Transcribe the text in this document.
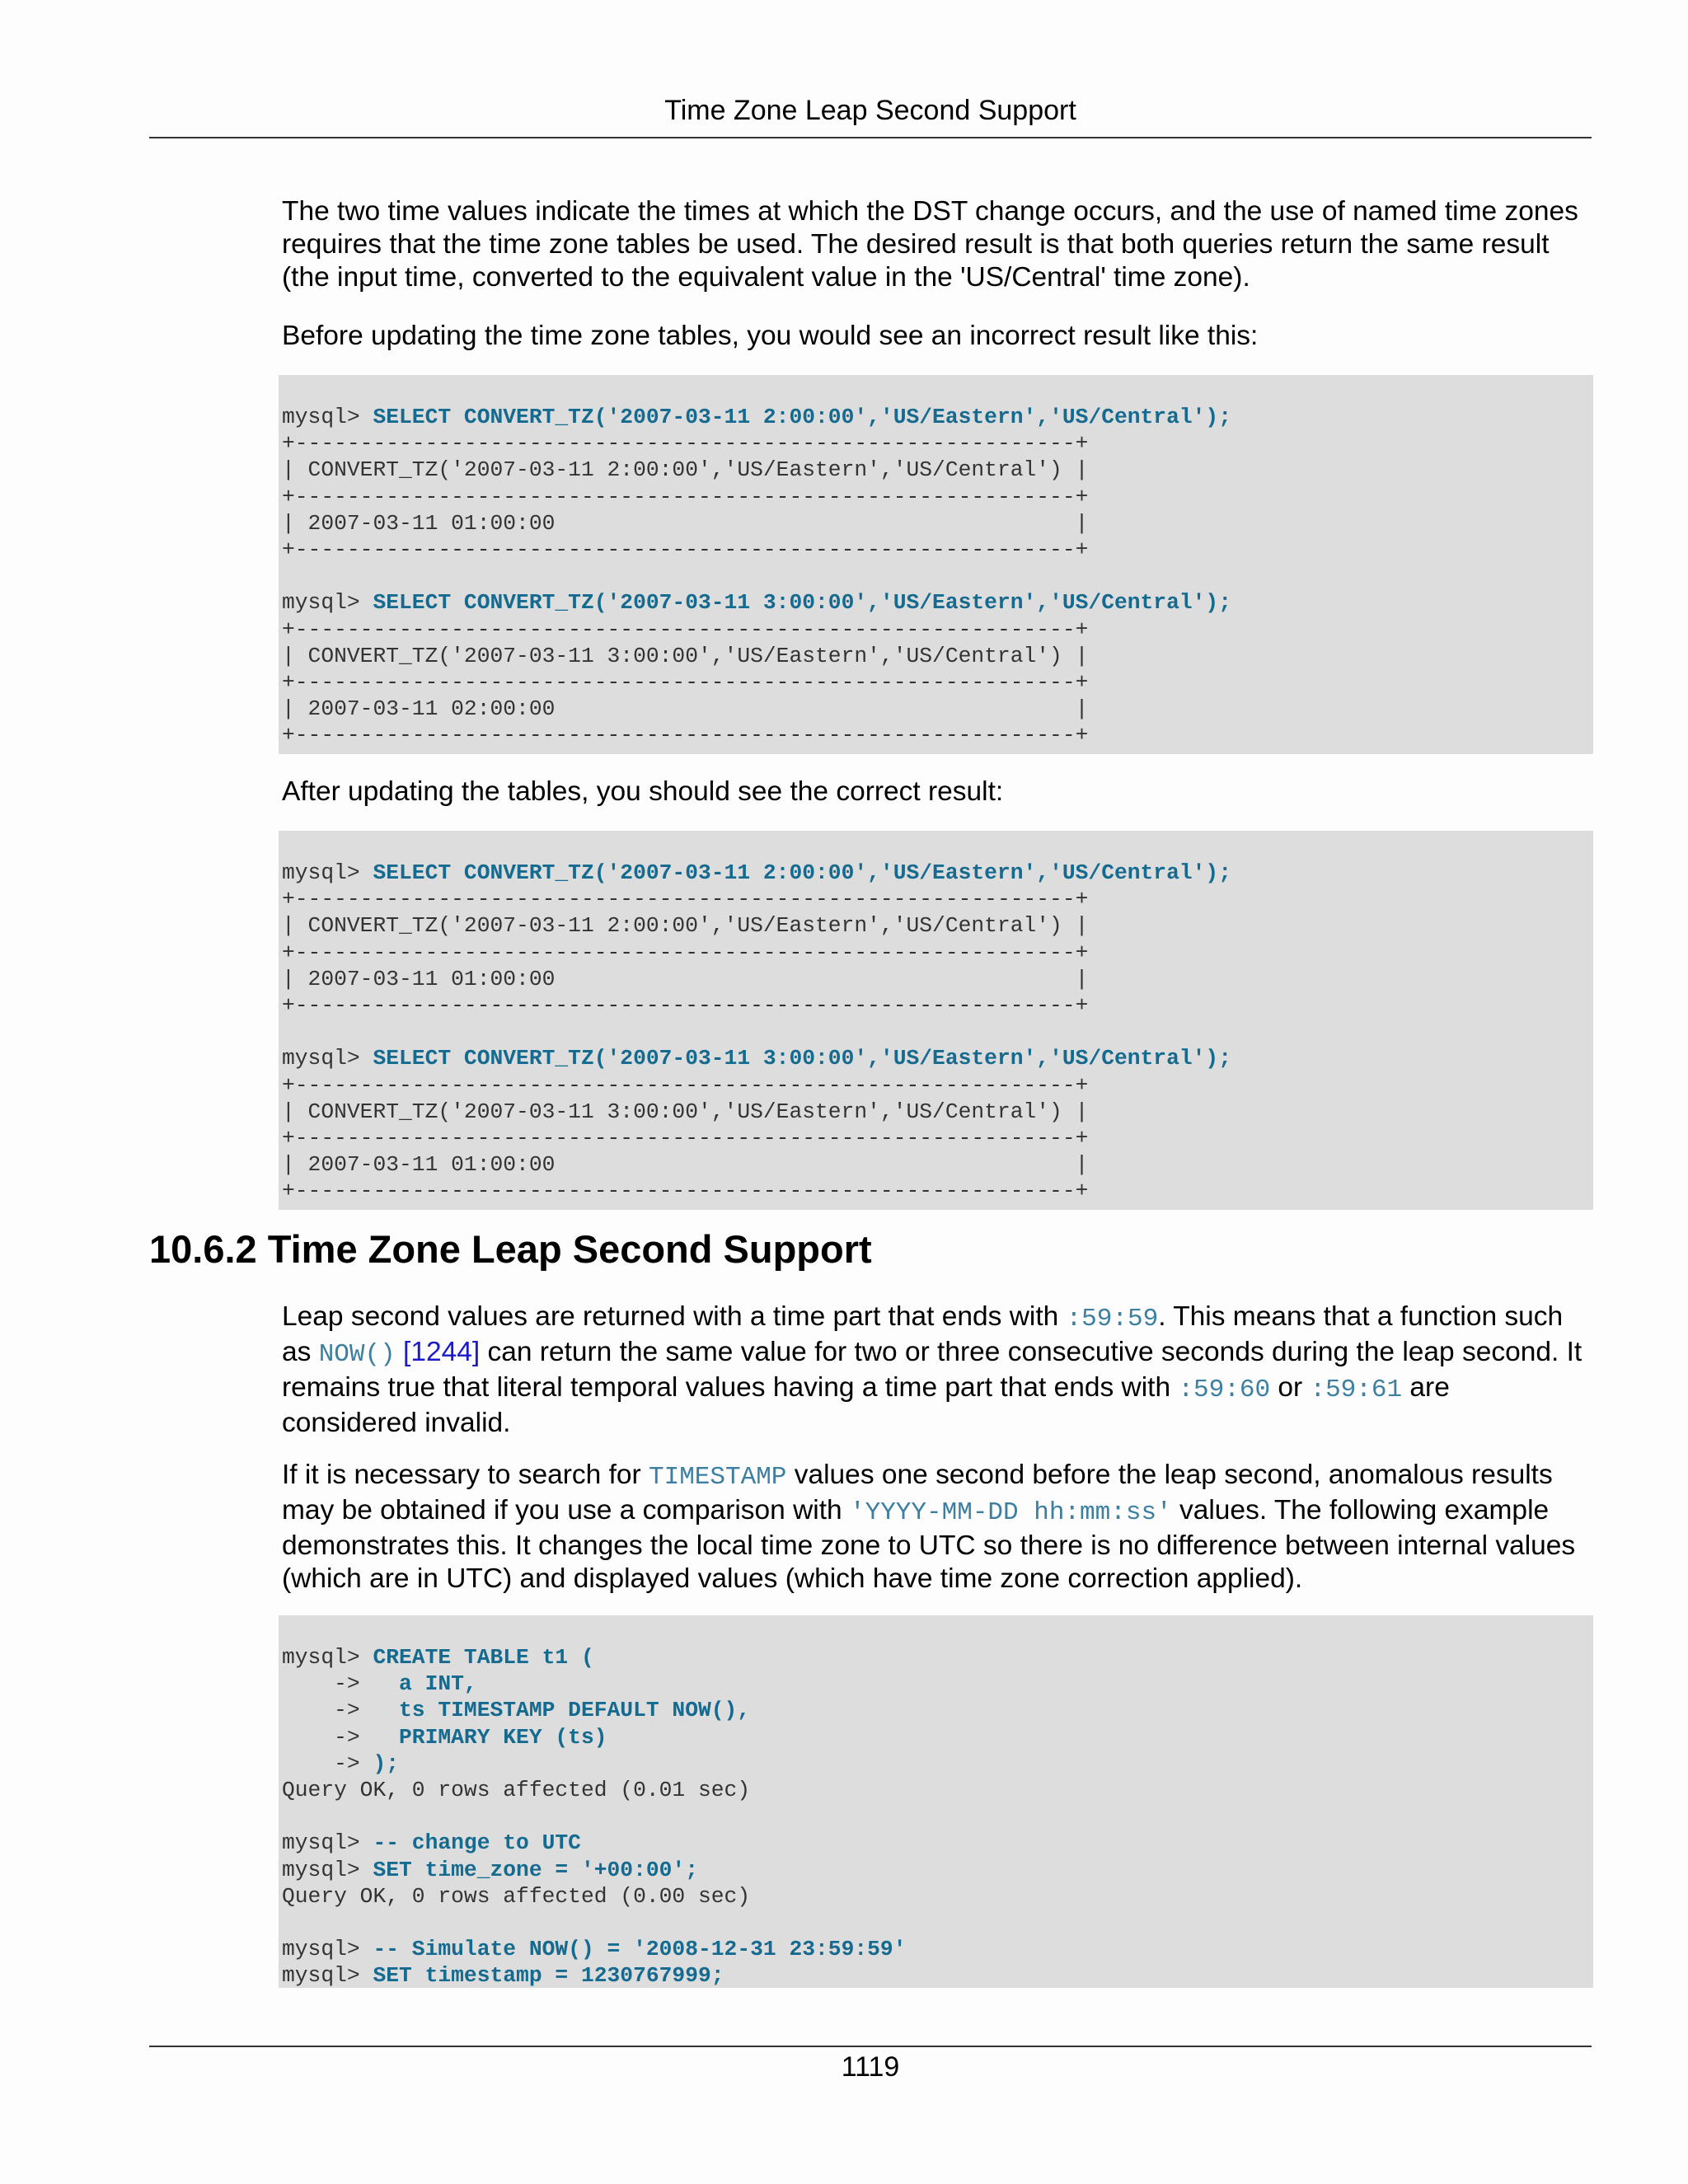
Time Zone Leap Second Support

The two time values indicate the times at which the DST change occurs, and the use of named time zones requires that the time zone tables be used. The desired result is that both queries return the same result (the input time, converted to the equivalent value in the 'US/Central' time zone).

Before updating the time zone tables, you would see an incorrect result like this:

mysql> SELECT CONVERT_TZ('2007-03-11 2:00:00','US/Eastern','US/Central');
+------------------------------------------------------------+
| CONVERT_TZ('2007-03-11 2:00:00','US/Eastern','US/Central') |
+------------------------------------------------------------+
| 2007-03-11 01:00:00                                        |
+------------------------------------------------------------+

mysql> SELECT CONVERT_TZ('2007-03-11 3:00:00','US/Eastern','US/Central');
+------------------------------------------------------------+
| CONVERT_TZ('2007-03-11 3:00:00','US/Eastern','US/Central') |
+------------------------------------------------------------+
| 2007-03-11 02:00:00                                        |
+------------------------------------------------------------+

After updating the tables, you should see the correct result:

mysql> SELECT CONVERT_TZ('2007-03-11 2:00:00','US/Eastern','US/Central');
+------------------------------------------------------------+
| CONVERT_TZ('2007-03-11 2:00:00','US/Eastern','US/Central') |
+------------------------------------------------------------+
| 2007-03-11 01:00:00                                        |
+------------------------------------------------------------+

mysql> SELECT CONVERT_TZ('2007-03-11 3:00:00','US/Eastern','US/Central');
+------------------------------------------------------------+
| CONVERT_TZ('2007-03-11 3:00:00','US/Eastern','US/Central') |
+------------------------------------------------------------+
| 2007-03-11 01:00:00                                        |
+------------------------------------------------------------+
10.6.2 Time Zone Leap Second Support

Leap second values are returned with a time part that ends with :59:59. This means that a function such as NOW() [1244] can return the same value for two or three consecutive seconds during the leap second. It remains true that literal temporal values having a time part that ends with :59:60 or :59:61 are considered invalid.

If it is necessary to search for TIMESTAMP values one second before the leap second, anomalous results may be obtained if you use a comparison with 'YYYY-MM-DD hh:mm:ss' values. The following example demonstrates this. It changes the local time zone to UTC so there is no difference between internal values (which are in UTC) and displayed values (which have time zone correction applied).

mysql> CREATE TABLE t1 (
->   a INT,
->   ts TIMESTAMP DEFAULT NOW(),
->   PRIMARY KEY (ts)
-> );
Query OK, 0 rows affected (0.01 sec)

mysql> -- change to UTC
mysql> SET time_zone = '+00:00';
Query OK, 0 rows affected (0.00 sec)

mysql> -- Simulate NOW() = '2008-12-31 23:59:59'
mysql> SET timestamp = 1230767999;
1119
